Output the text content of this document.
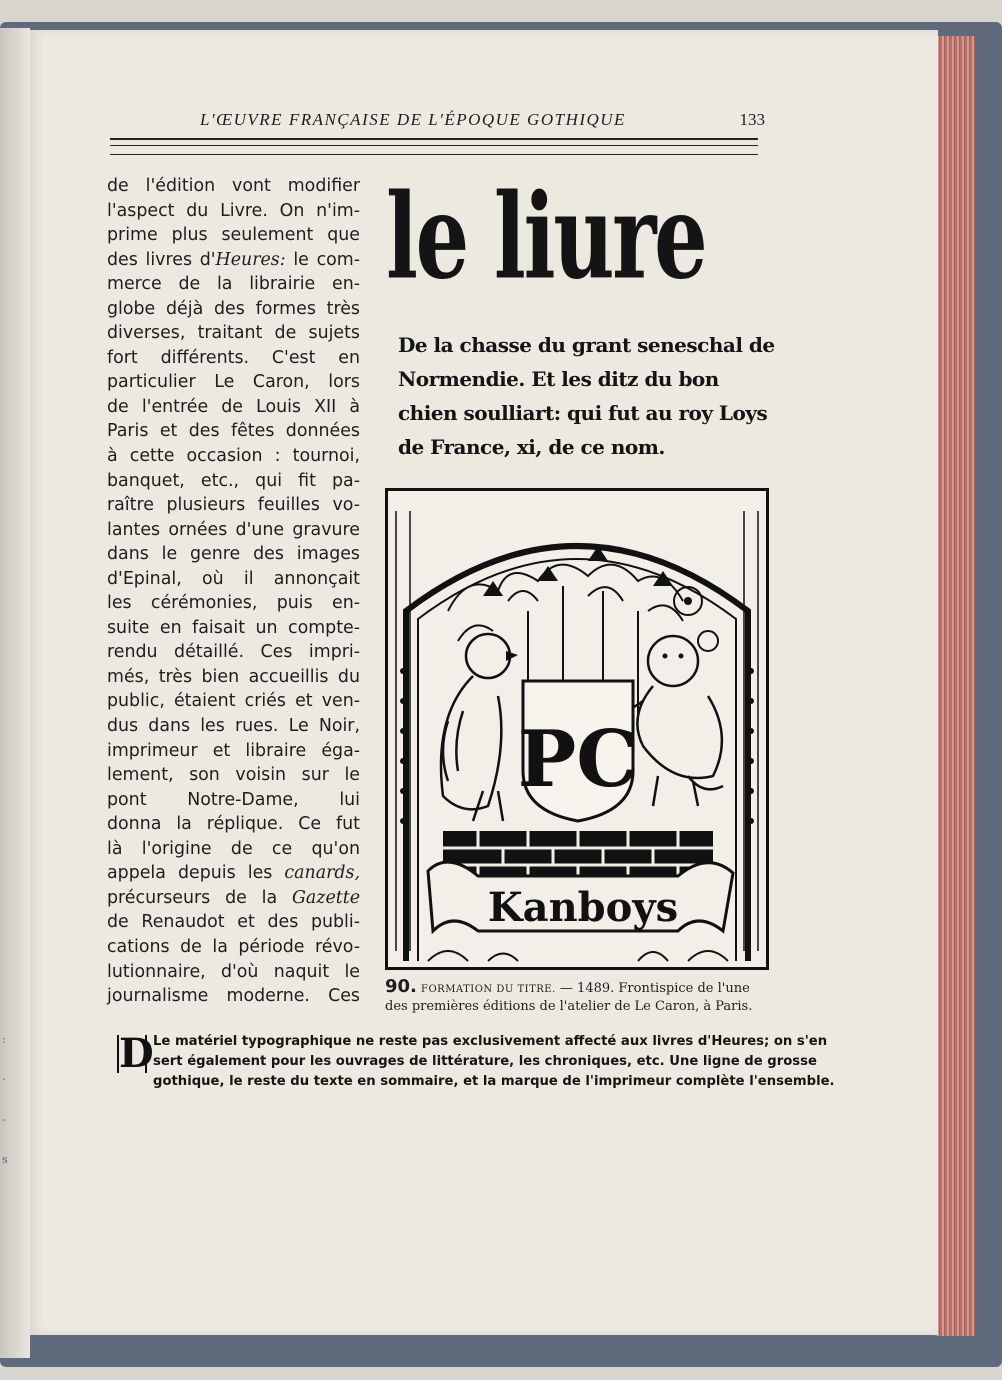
:
·
-
s
L'ŒUVRE FRANÇAISE DE L'ÉPOQUE GOTHIQUE	133
de l'édition vont modifier
l'aspect du Livre. On n'im-
prime plus seulement que
des livres d'Heures: le com-
merce de la librairie en-
globe déjà des formes très
diverses, traitant de sujets
fort différents. C'est en
particulier Le Caron, lors
de l'entrée de Louis XII à
Paris et des fêtes données
à cette occasion : tournoi,
banquet, etc., qui fit pa-
raître plusieurs feuilles vo-
lantes ornées d'une gravure
dans le genre des images
d'Epinal, où il annonçait
les cérémonies, puis en-
suite en faisait un compte-
rendu détaillé. Ces impri-
més, très bien accueillis du
public, étaient criés et ven-
dus dans les rues. Le Noir,
imprimeur et libraire éga-
lement, son voisin sur le
pont Notre-Dame, lui
donna la réplique. Ce fut
là l'origine de ce qu'on
appela depuis les canards,
précurseurs de la Gazette
de Renaudot et des publi-
cations de la période révo-
lutionnaire, d'où naquit le
journalisme moderne. Ces
le liure
De la chasse du grant seneschal de
Normendie. Et les ditz du bon
chien soulliart: qui fut au roy Loys
de France, xi, de ce nom.
PC
Kanboys
90. FORMATION DU TITRE. — 1489. Frontispice de l'une
des premières éditions de l'atelier de Le Caron, à Paris.
D Le matériel typographique ne reste pas exclusivement affecté aux livres d'Heures; on s'en
sert également pour les ouvrages de littérature, les chroniques, etc. Une ligne de grosse
gothique, le reste du texte en sommaire, et la marque de l'imprimeur complète l'ensemble.
